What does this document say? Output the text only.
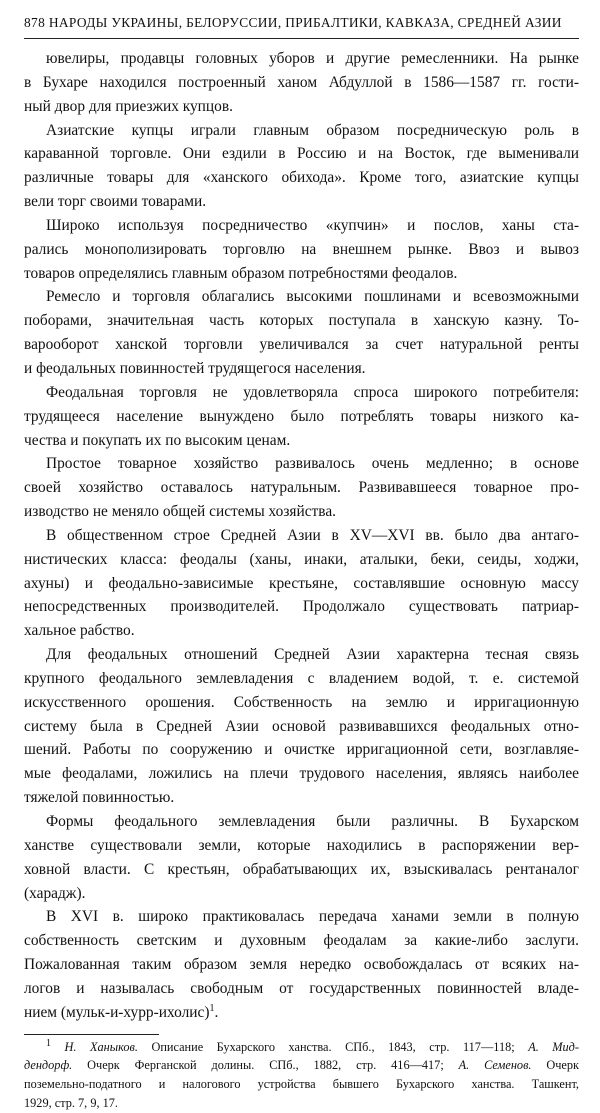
878 НАРОДЫ УКРАИНЫ, БЕЛОРУССИИ, ПРИБАЛТИКИ, КАВКАЗА, СРЕДНЕЙ АЗИИ
ювелиры, продавцы головных уборов и другие ремесленники. На рынке
в Бухаре находился построенный ханом Абдуллой в 1586—1587 гг. гости-
ный двор для приезжих купцов.
Азиатские купцы играли главным образом посредническую роль в
караванной торговле. Они ездили в Россию и на Восток, где выменивали
различные товары для «ханского обихода». Кроме того, азиатские купцы
вели торг своими товарами.
Широко используя посредничество «купчин» и послов, ханы ста-
рались монополизировать торговлю на внешнем рынке. Ввоз и вывоз
товаров определялись главным образом потребностями феодалов.
Ремесло и торговля облагались высокими пошлинами и всевозможными
поборами, значительная часть которых поступала в ханскую казну. То-
варооборот ханской торговли увеличивался за счет натуральной ренты
и феодальных повинностей трудящегося населения.
Феодальная торговля не удовлетворяла спроса широкого потребителя:
трудящееся население вынуждено было потреблять товары низкого ка-
чества и покупать их по высоким ценам.
Простое товарное хозяйство развивалось очень медленно; в основе
своей хозяйство оставалось натуральным. Развивавшееся товарное про-
изводство не меняло общей системы хозяйства.
В общественном строе Средней Азии в XV—XVI вв. было два антаго-
нистических класса: феодалы (ханы, инаки, аталыки, беки, сеиды, ходжи,
ахуны) и феодально-зависимые крестьяне, составлявшие основную массу
непосредственных производителей. Продолжало существовать патриар-
хальное рабство.
Для феодальных отношений Средней Азии характерна тесная связь
крупного феодального землевладения с владением водой, т. е. системой
искусственного орошения. Собственность на землю и ирригационную
систему была в Средней Азии основой развивавшихся феодальных отно-
шений. Работы по сооружению и очистке ирригационной сети, возглавляе-
мые феодалами, ложились на плечи трудового населения, являясь наиболее
тяжелой повинностью.
Формы феодального землевладения были различны. В Бухарском
ханстве существовали земли, которые находились в распоряжении вер-
ховной власти. С крестьян, обрабатывающих их, взыскивалась рентаналог
(харадж).
В XVI в. широко практиковалась передача ханами земли в полную
собственность светским и духовным феодалам за какие-либо заслуги.
Пожалованная таким образом земля нередко освобождалась от всяких на-
логов и называлась свободным от государственных повинностей владе-
нием (мульк-и-хурр-ихолис)$^1$.
$^1$ Н. Ханыков. Описание Бухарского ханства. СПб., 1843, стр. 117—118; А. Мид-
дендорф. Очерк Ферганской долины. СПб., 1882, стр. 416—417; А. Семенов. Очерк
поземельно-податного и налогового устройства бывшего Бухарского ханства. Ташкент,
1929, стр. 7, 9, 17.
